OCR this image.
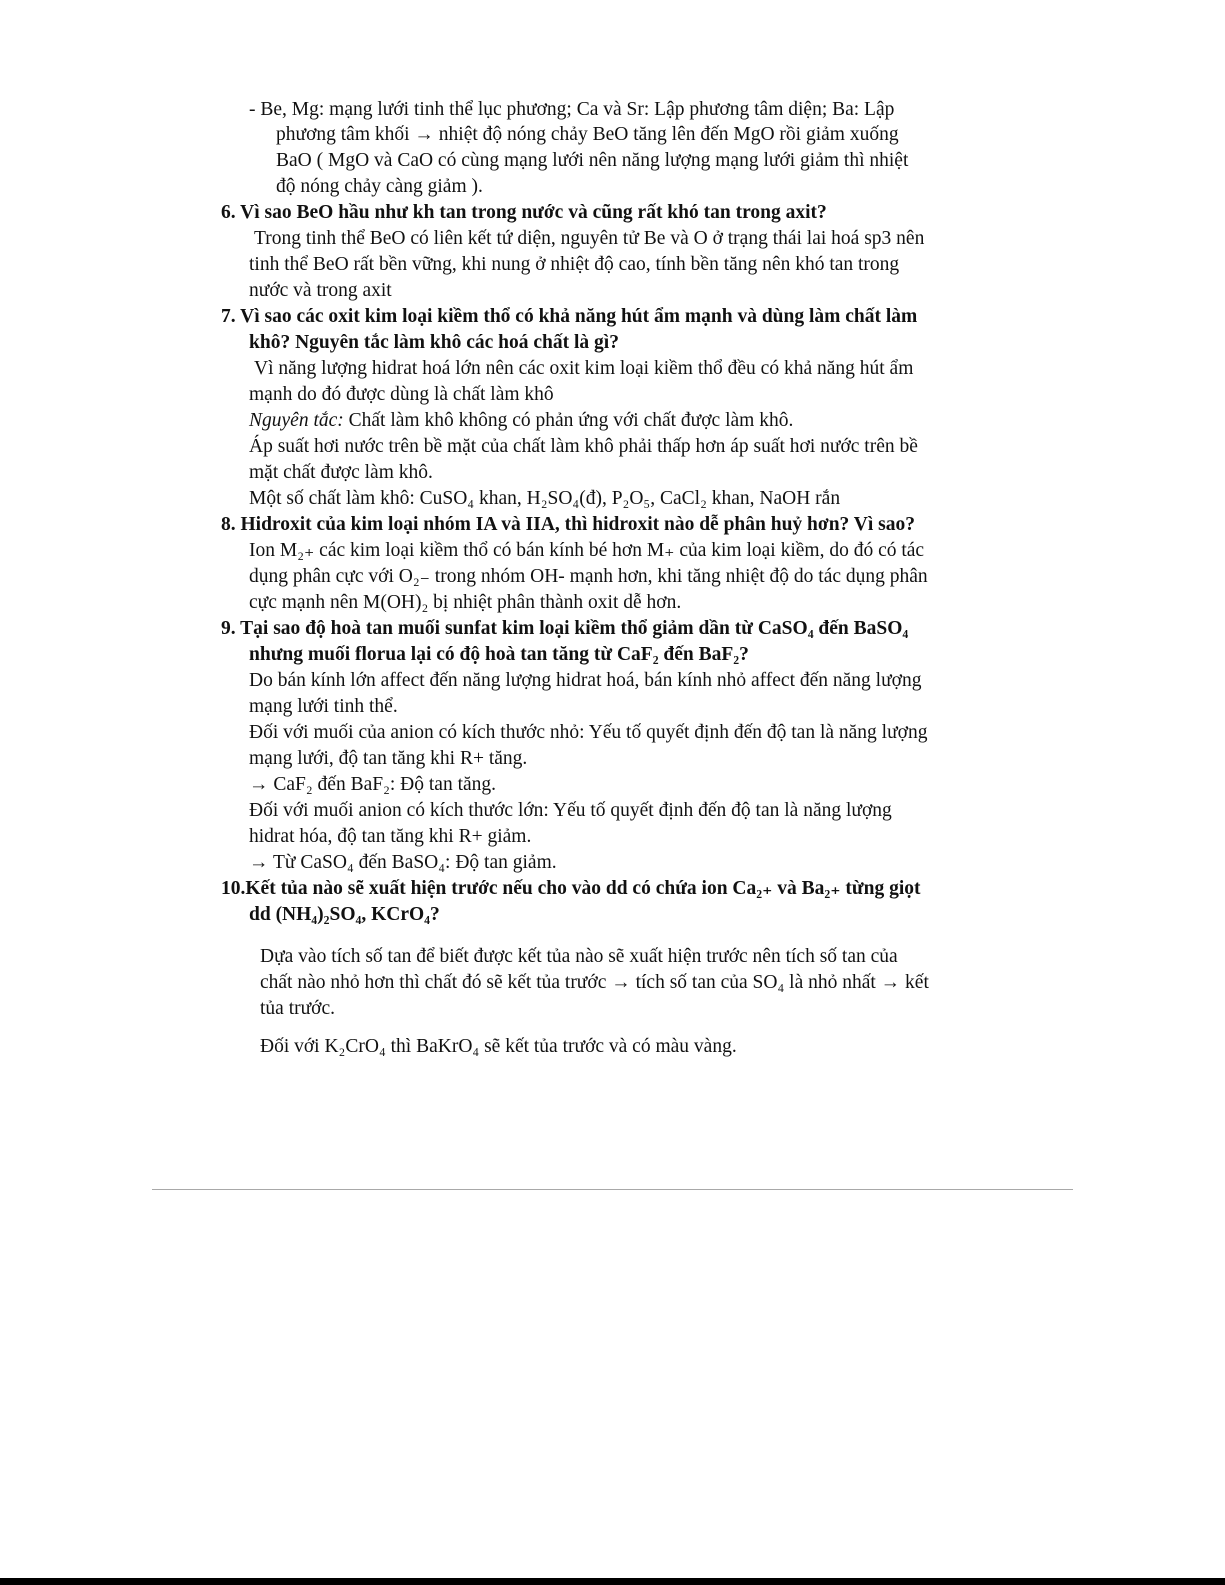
- Be, Mg: mạng lưới tinh thể lục phương; Ca và Sr: Lập phương tâm diện; Ba: Lập
phương tâm khối → nhiệt độ nóng chảy BeO tăng lên đến MgO rồi giảm xuống
BaO ( MgO và CaO có cùng mạng lưới nên năng lượng mạng lưới giảm thì nhiệt
độ nóng chảy càng giảm ).
6. Vì sao BeO hầu như kh tan trong nước và cũng rất khó tan trong axit?
Trong tinh thể BeO có liên kết tứ diện, nguyên tử Be và O ở trạng thái lai hoá sp3 nên
tinh thể BeO rất bền vững, khi nung ở nhiệt độ cao, tính bền tăng nên khó tan trong
nước và trong axit
7. Vì sao các oxit kim loại kiềm thổ có khả năng hút ẩm mạnh và dùng làm chất làm
khô? Nguyên tắc làm khô các hoá chất là gì?
Vì năng lượng hidrat hoá lớn nên các oxit kim loại kiềm thổ đều có khả năng hút ẩm
mạnh do đó được dùng là chất làm khô
Nguyên tắc: Chất làm khô không có phản ứng với chất được làm khô.
Áp suất hơi nước trên bề mặt của chất làm khô phải thấp hơn áp suất hơi nước trên bề
mặt chất được làm khô.
Một số chất làm khô: CuSO₄ khan, H₂SO₄(đ), P₂O₅, CaCl₂ khan, NaOH rắn
8. Hidroxit của kim loại nhóm IA và IIA, thì hidroxit nào dễ phân huỷ hơn? Vì sao?
Ion M₂₊ các kim loại kiềm thổ có bán kính bé hơn M₊ của kim loại kiềm, do đó có tác
dụng phân cực với O₂₋ trong nhóm OH- mạnh hơn, khi tăng nhiệt độ do tác dụng phân
cực mạnh nên M(OH)₂ bị nhiệt phân thành oxit dễ hơn.
9. Tại sao độ hoà tan muối sunfat kim loại kiềm thổ giảm dần từ CaSO₄ đến BaSO₄
nhưng muối florua lại có độ hoà tan tăng từ CaF₂ đến BaF₂?
Do bán kính lớn affect đến năng lượng hidrat hoá, bán kính nhỏ affect đến năng lượng
mạng lưới tinh thể.
Đối với muối của anion có kích thước nhỏ: Yếu tố quyết định đến độ tan là năng lượng
mạng lưới, độ tan tăng khi R+ tăng.
→ CaF₂ đến BaF₂: Độ tan tăng.
Đối với muối anion có kích thước lớn: Yếu tố quyết định đến độ tan là năng lượng
hidrat hóa, độ tan tăng khi R+ giảm.
→ Từ CaSO₄ đến BaSO₄: Độ tan giảm.
10.Kết tủa nào sẽ xuất hiện trước nếu cho vào dd có chứa ion Ca₂₊ và Ba₂₊ từng giọt
dd (NH₄)₂SO₄, KCrO₄?
Dựa vào tích số tan để biết được kết tủa nào sẽ xuất hiện trước nên tích số tan của
chất nào nhỏ hơn thì chất đó sẽ kết tủa trước → tích số tan của SO₄ là nhỏ nhất → kết
tủa trước.
Đối với K₂CrO₄ thì BaKrO₄ sẽ kết tủa trước và có màu vàng.
